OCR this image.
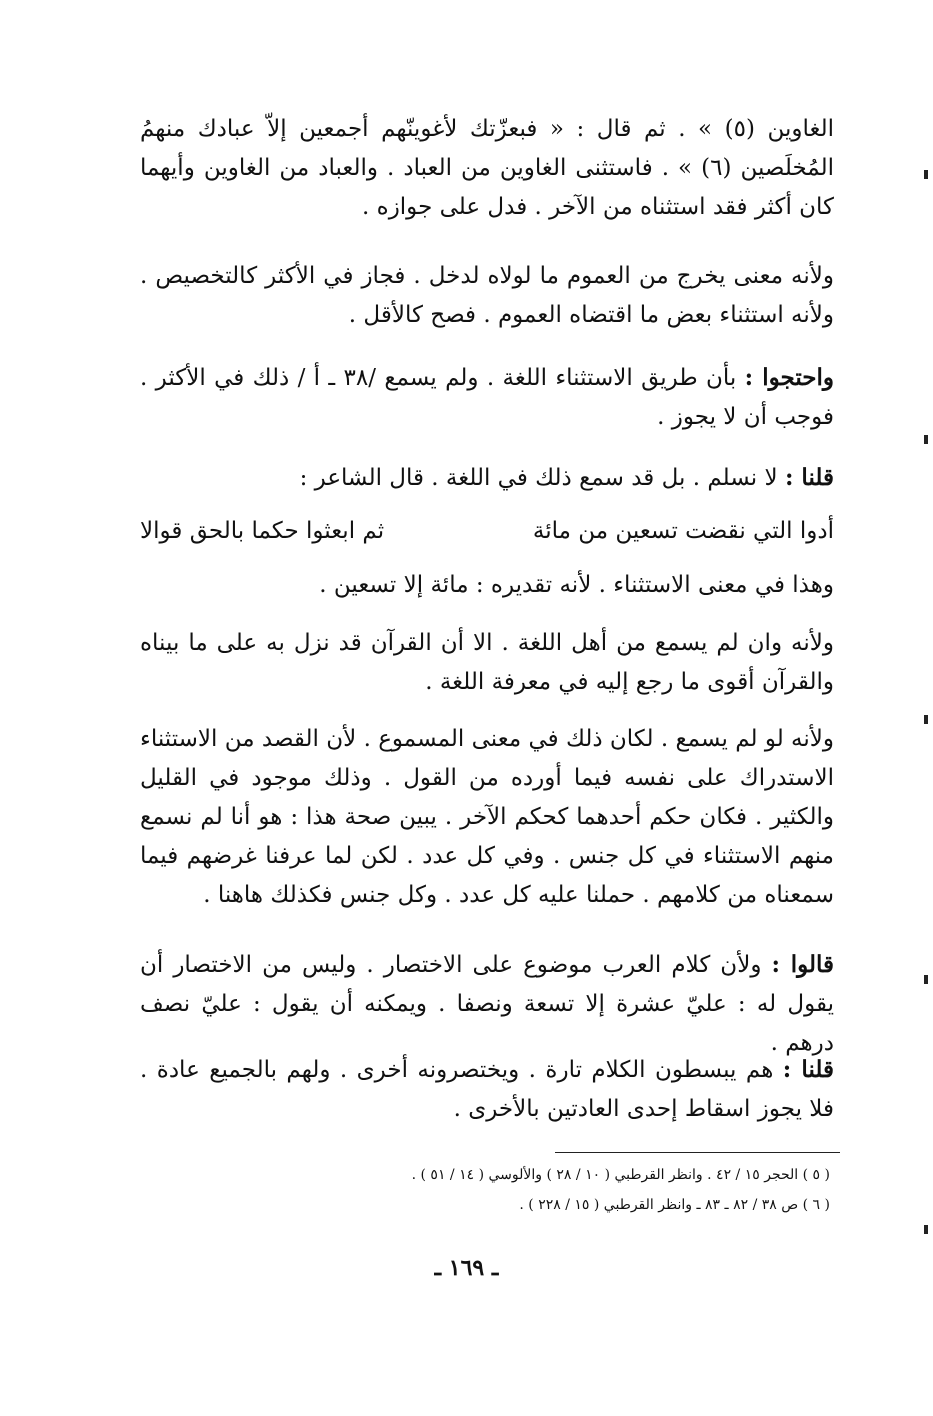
الغاوين (٥) » . ثم قال : « فبعزّتك لأغوينّهم أجمعين إلاّ عبادك منهمُ المُخلَصين (٦) » . فاستثنى الغاوين من العباد . والعباد من الغاوين وأيهما كان أكثر فقد استثناه من الآخر . فدل على جوازه .

ولأنه معنى يخرج من العموم ما لولاه لدخل . فجاز في الأكثر كالتخصيص . ولأنه استثناء بعض ما اقتضاه العموم . فصح كالأقل .

واحتجوا : بأن طريق الاستثناء اللغة . ولم يسمع /٣٨ ـ أ / ذلك في الأكثر . فوجب أن لا يجوز .

قلنا : لا نسلم . بل قد سمع ذلك في اللغة . قال الشاعر :

أدوا التي نقضت تسعين من مائة
ثم ابعثوا حكما بالحق قوالا

وهذا في معنى الاستثناء . لأنه تقديره : مائة إلا تسعين .

ولأنه وان لم يسمع من أهل اللغة . الا أن القرآن قد نزل به على ما بيناه والقرآن أقوى ما رجع إليه في معرفة اللغة .

ولأنه لو لم يسمع . لكان ذلك في معنى المسموع . لأن القصد من الاستثناء الاستدراك على نفسه فيما أورده من القول . وذلك موجود في القليل والكثير . فكان حكم أحدهما كحكم الآخر . يبين صحة هذا : هو أنا لم نسمع منهم الاستثناء في كل جنس . وفي كل عدد . لكن لما عرفنا غرضهم فيما سمعناه من كلامهم . حملنا عليه كل عدد . وكل جنس فكذلك هاهنا .

قالوا : ولأن كلام العرب موضوع على الاختصار . وليس من الاختصار أن يقول له : عليّ عشرة إلا تسعة ونصفا . ويمكنه أن يقول : عليّ نصف درهم .

قلنا : هم يبسطون الكلام تارة . ويختصرونه أخرى . ولهم بالجميع عادة . فلا يجوز اسقاط إحدى العادتين بالأخرى .

( ٥ ) الحجر ١٥ / ٤٢ . وانظر القرطبي ( ١٠ / ٢٨ ) والألوسي ( ١٤ / ٥١ ) .
( ٦ ) ص ٣٨ / ٨٢ ـ ٨٣ ـ وانظر القرطبي ( ١٥ / ٢٢٨ ) .
ـ ١٦٩ ـ
